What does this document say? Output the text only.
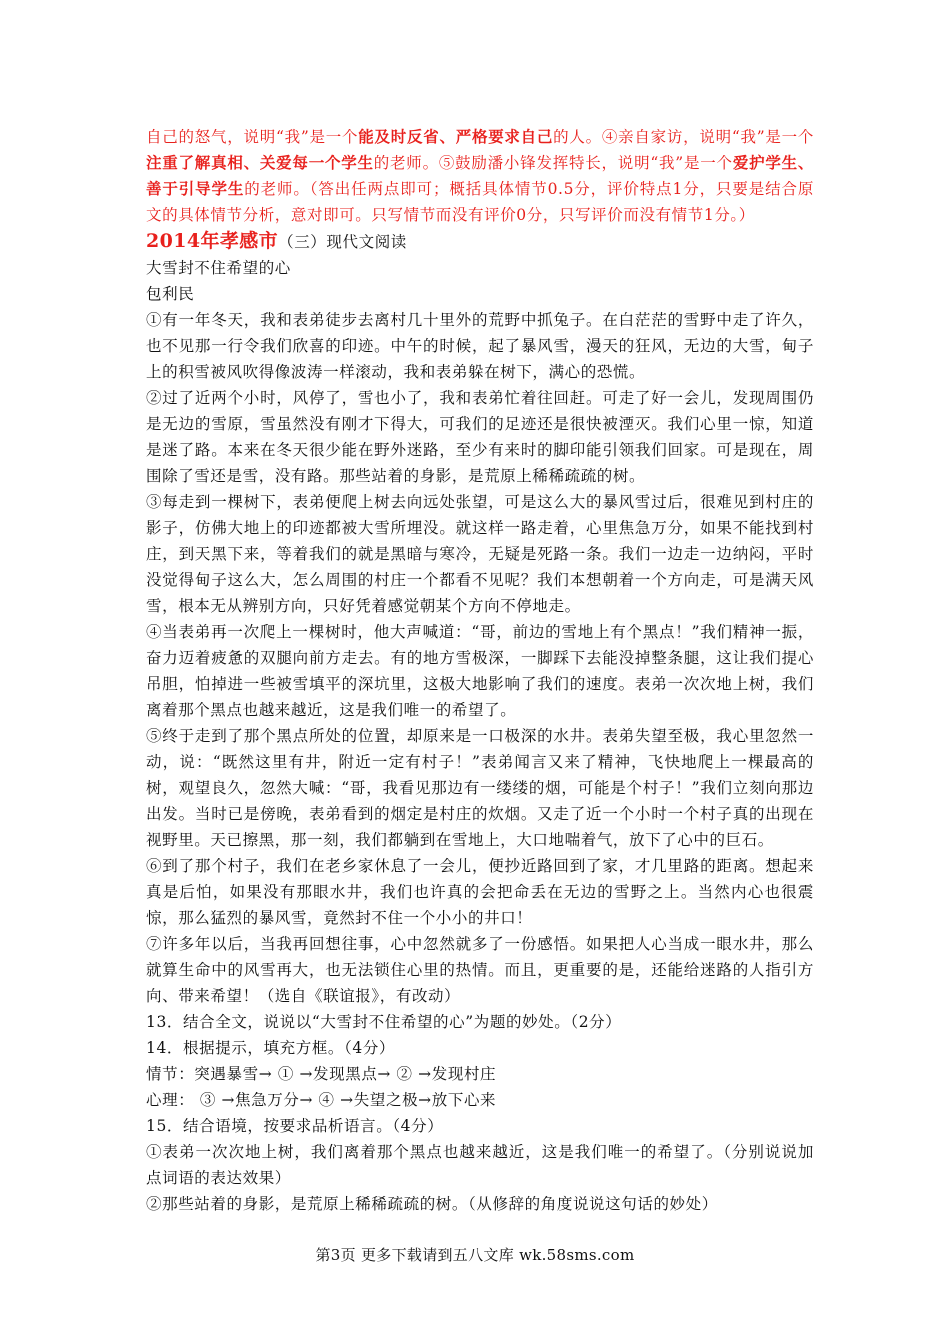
自己的怒气，说明“我”是一个能及时反省、严格要求自己的人。④亲自家访，说明“我”是一个注重了解真相、关爱每一个学生的老师。⑤鼓励潘小锋发挥特长，说明“我”是一个爱护学生、善于引导学生的老师。（答出任两点即可；概括具体情节0.5分，评价特点1分，只要是结合原文的具体情节分析，意对即可。只写情节而没有评价0分，只写评价而没有情节1分。）

2014年孝感市（三）现代文阅读

大雪封不住希望的心

包利民

①有一年冬天，我和表弟徒步去离村几十里外的荒野中抓兔子。在白茫茫的雪野中走了许久，也不见那一行令我们欣喜的印迹。中午的时候，起了暴风雪，漫天的狂风，无边的大雪，甸子上的积雪被风吹得像波涛一样滚动，我和表弟躲在树下，满心的恐慌。

②过了近两个小时，风停了，雪也小了，我和表弟忙着往回赶。可走了好一会儿，发现周围仍是无边的雪原，雪虽然没有刚才下得大，可我们的足迹还是很快被湮灭。我们心里一惊，知道是迷了路。本来在冬天很少能在野外迷路，至少有来时的脚印能引领我们回家。可是现在，周围除了雪还是雪，没有路。那些站着的身影，是荒原上稀稀疏疏的树。

③每走到一棵树下，表弟便爬上树去向远处张望，可是这么大的暴风雪过后，很难见到村庄的影子，仿佛大地上的印迹都被大雪所埋没。就这样一路走着，心里焦急万分，如果不能找到村庄，到天黑下来，等着我们的就是黑暗与寒冷，无疑是死路一条。我们一边走一边纳闷，平时没觉得甸子这么大，怎么周围的村庄一个都看不见呢？我们本想朝着一个方向走，可是满天风雪，根本无从辨别方向，只好凭着感觉朝某个方向不停地走。

④当表弟再一次爬上一棵树时，他大声喊道：“哥，前边的雪地上有个黑点！”我们精神一振，奋力迈着疲惫的双腿向前方走去。有的地方雪极深，一脚踩下去能没掉整条腿，这让我们提心吊胆，怕掉进一些被雪填平的深坑里，这极大地影响了我们的速度。表弟一次次地上树，我们离着那个黑点也越来越近，这是我们唯一的希望了。

⑤终于走到了那个黑点所处的位置，却原来是一口极深的水井。表弟失望至极，我心里忽然一动，说：“既然这里有井，附近一定有村子！”表弟闻言又来了精神，飞快地爬上一棵最高的树，观望良久，忽然大喊：“哥，我看见那边有一缕缕的烟，可能是个村子！”我们立刻向那边出发。当时已是傍晚，表弟看到的烟定是村庄的炊烟。又走了近一个小时一个村子真的出现在视野里。天已擦黑，那一刻，我们都躺到在雪地上，大口地喘着气，放下了心中的巨石。

⑥到了那个村子，我们在老乡家休息了一会儿，便抄近路回到了家，才几里路的距离。想起来真是后怕，如果没有那眼水井，我们也许真的会把命丢在无边的雪野之上。当然内心也很震惊，那么猛烈的暴风雪，竟然封不住一个小小的井口！

⑦许多年以后，当我再回想往事，心中忽然就多了一份感悟。如果把人心当成一眼水井，那么就算生命中的风雪再大，也无法锁住心里的热情。而且，更重要的是，还能给迷路的人指引方向、带来希望！（选自《联谊报》，有改动）

13．结合全文，说说以“大雪封不住希望的心”为题的妙处。（2分）

14．根据提示，填充方框。（4分）

情节：突遇暴雪→ ① →发现黑点→ ② →发现村庄

心理： ③ →焦急万分→ ④ →失望之极→放下心来

15．结合语境，按要求品析语言。（4分）

①表弟一次次地上树，我们离着那个黑点也越来越近，这是我们唯一的希望了。（分别说说加点词语的表达效果）

②那些站着的身影，是荒原上稀稀疏疏的树。（从修辞的角度说说这句话的妙处）

第3页 更多下载请到五八文库 wk.58sms.com
